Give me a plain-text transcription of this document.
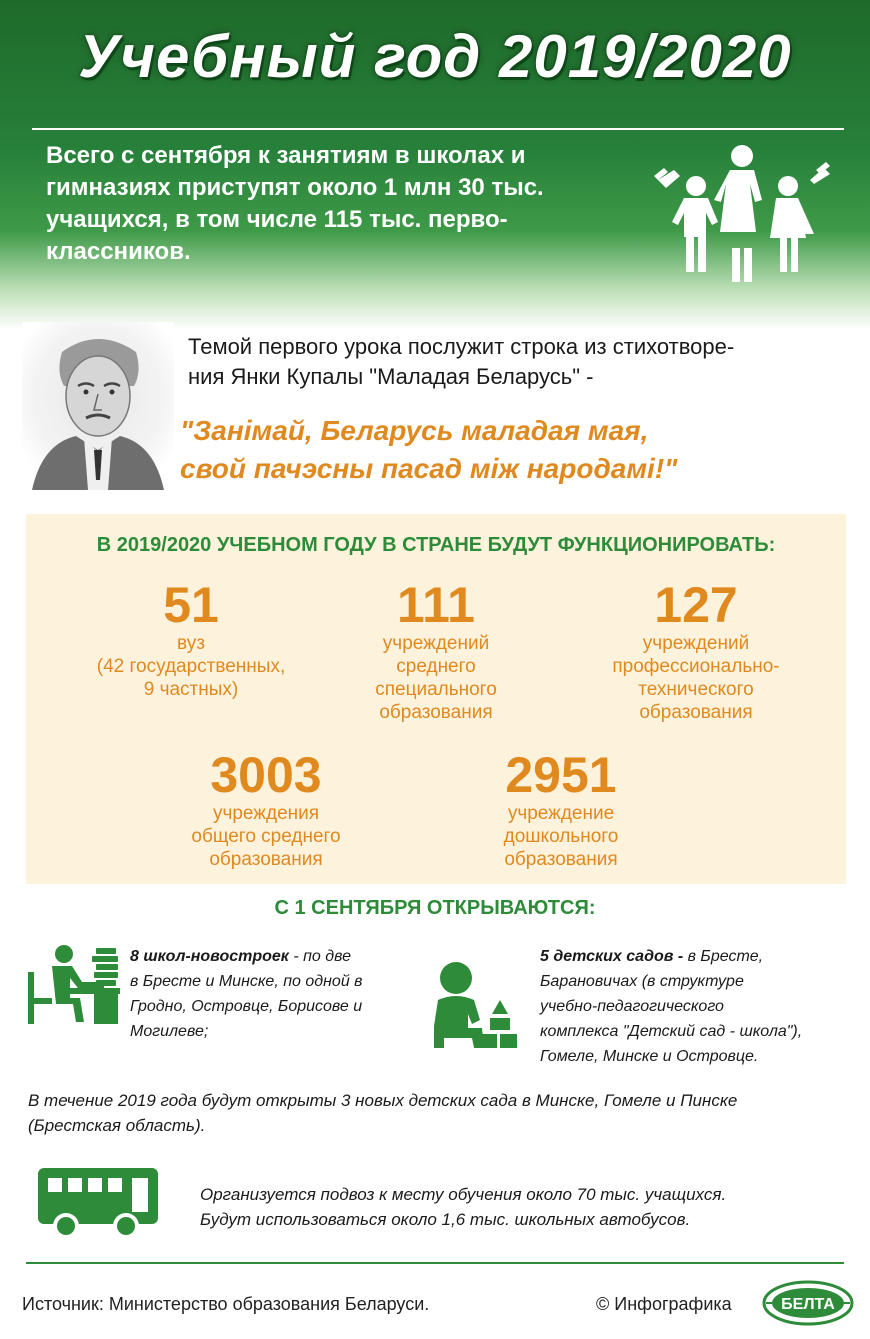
Учебный год 2019/2020
Всего с сентября к занятиям в школах и
гимназиях приступят около 1 млн 30 тыс.
учащихся, в том числе 115 тыс. перво-
классников.
Темой первого урока послужит строка из стихотворе-
ния Янки Купалы "Маладая Беларусь" -
"Занімай, Беларусь маладая мая,
свой пачэсны пасад між народамі!"
В 2019/2020 УЧЕБНОМ ГОДУ В СТРАНЕ БУДУТ ФУНКЦИОНИРОВАТЬ:
51
вуз
(42 государственных,
9 частных)
111
учреждений
среднего
специального
образования
127
учреждений
профессионально-
технического
образования
3003
учреждения
общего среднего
образования
2951
учреждение
дошкольного
образования
С 1 СЕНТЯБРЯ ОТКРЫВАЮТСЯ:
8 школ-новостроек - по две
в Бресте и Минске, по одной в
Гродно, Островце, Борисове и
Могилеве;
5 детских садов - в Бресте,
Барановичах (в структуре
учебно-педагогического
комплекса "Детский сад - школа"),
Гомеле, Минске и Островце.
В течение 2019 года будут открыты 3 новых детских сада в Минске, Гомеле и Пинске
(Брестская область).
Организуется подвоз к месту обучения около 70 тыс. учащихся.
Будут использоваться около 1,6 тыс. школьных автобусов.
Источник: Министерство образования Беларуси.	© Инфографика	БЕЛТА
